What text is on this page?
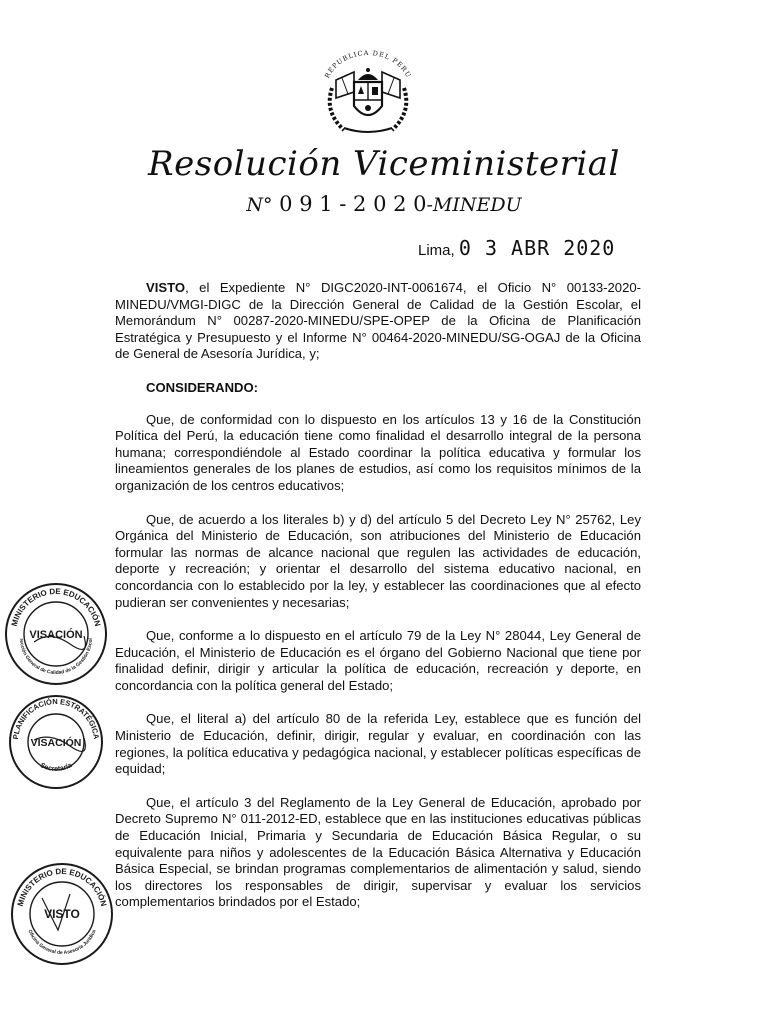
REPUBLICA DEL PERU
Resolución Viceministerial
N° 0 9 1 - 2 0 2 0-MINEDU
Lima, 0 3 ABR 2020

VISTO, el Expediente N° DIGC2020-INT-0061674, el Oficio N° 00133-2020-MINEDU/VMGI-DIGC de la Dirección General de Calidad de la Gestión Escolar, el Memorándum N° 00287-2020-MINEDU/SPE-OPEP de la Oficina de Planificación Estratégica y Presupuesto y el Informe N° 00464-2020-MINEDU/SG-OGAJ de la Oficina de General de Asesoría Jurídica, y;

CONSIDERANDO:

Que, de conformidad con lo dispuesto en los artículos 13 y 16 de la Constitución Política del Perú, la educación tiene como finalidad el desarrollo integral de la persona humana; correspondiéndole al Estado coordinar la política educativa y formular los lineamientos generales de los planes de estudios, así como los requisitos mínimos de la organización de los centros educativos;

Que, de acuerdo a los literales b) y d) del artículo 5 del Decreto Ley N° 25762, Ley Orgánica del Ministerio de Educación, son atribuciones del Ministerio de Educación formular las normas de alcance nacional que regulen las actividades de educación, deporte y recreación; y orientar el desarrollo del sistema educativo nacional, en concordancia con lo establecido por la ley, y establecer las coordinaciones que al efecto pudieran ser convenientes y necesarias;

Que, conforme a lo dispuesto en el artículo 79 de la Ley N° 28044, Ley General de Educación, el Ministerio de Educación es el órgano del Gobierno Nacional que tiene por finalidad definir, dirigir y articular la política de educación, recreación y deporte, en concordancia con la política general del Estado;

Que, el literal a) del artículo 80 de la referida Ley, establece que es función del Ministerio de Educación, definir, dirigir, regular y evaluar, en coordinación con las regiones, la política educativa y pedagógica nacional, y establecer políticas específicas de equidad;

Que, el artículo 3 del Reglamento de la Ley General de Educación, aprobado por Decreto Supremo N° 011-2012-ED, establece que en las instituciones educativas públicas de Educación Inicial, Primaria y Secundaria de Educación Básica Regular, o su equivalente para niños y adolescentes de la Educación Básica Alternativa y Educación Básica Especial, se brindan programas complementarios de alimentación y salud, siendo los directores los responsables de dirigir, supervisar y evaluar los servicios complementarios brindados por el Estado;

MINISTERIO DE EDUCACIÓN
rección General de Calidad de la Gestión Escol
VISACIÓN
PLANIFICACIÓN ESTRATÉGICA
Secretaría
VISACIÓN
MINISTERIO DE EDUCACIÓN
Oficina General de Asesoría Jurídica
VISTO
